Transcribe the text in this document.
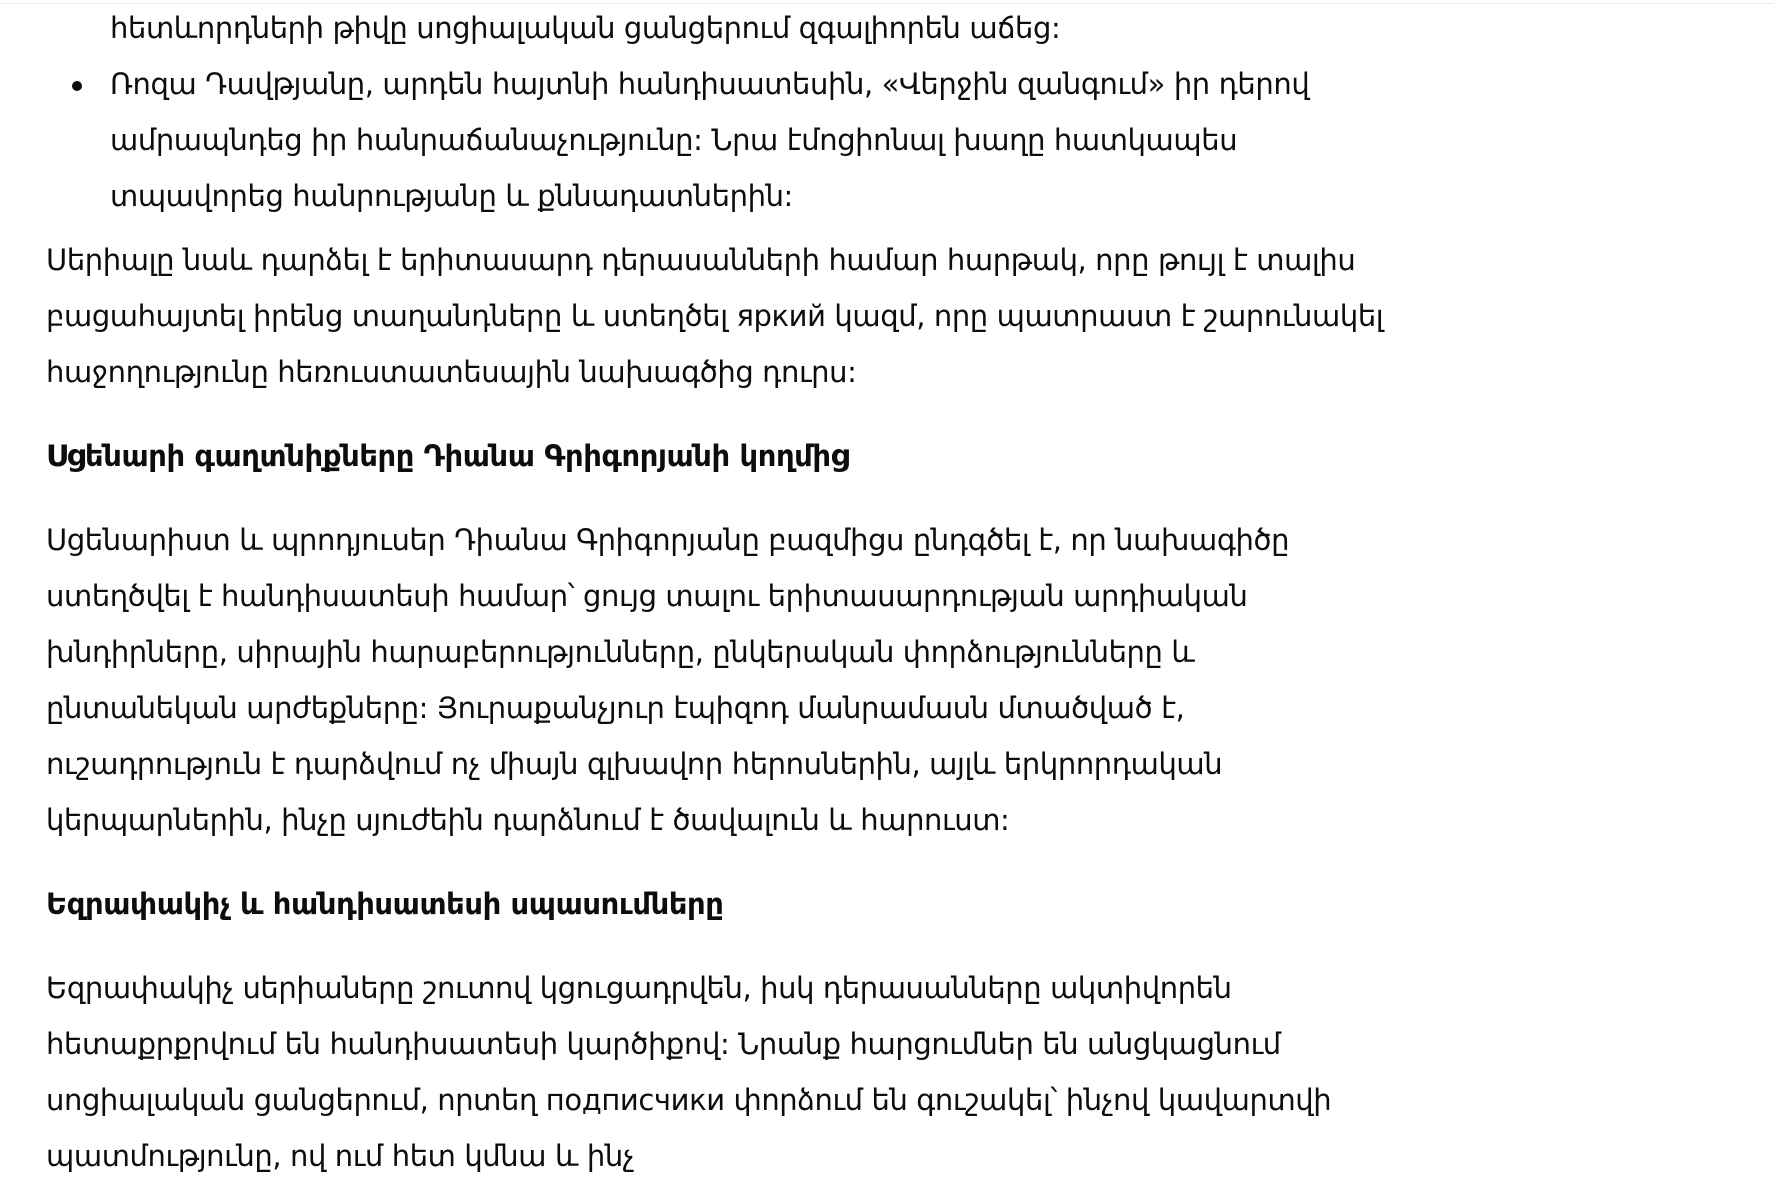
հետևորդների թիվը սոցիալական ցանցերում զգալիորեն աճեց:

Ռոզա Դավթյանը, արդեն հայտնի հանդիսատեսին, «Վերջին զանգում» իր դերով ամրապնդեց իր հանրաճանաչությունը: Նրա էմոցիոնալ խաղը հատկապես տպավորեց հանրությանը և քննադատներին:

Սերիալը նաև դարձել է երիտասարդ դերասանների համար հարթակ, որը թույլ է տալիս բացահայտել իրենց տաղանդները և ստեղծել яркий կազմ, որը պատրաստ է շարունակել հաջողությունը հեռուստատեսային նախագծից դուրս:

Սցենարի գաղտնիքները Դիանա Գրիգորյանի կողմից

Սցենարիստ և պրոդյուսեր Դիանա Գրիգորյանը բազմիցս ընդգծել է, որ նախագիծը ստեղծվել է հանդիսատեսի համար՝ ցույց տալու երիտասարդության արդիական խնդիրները, սիրային հարաբերությունները, ընկերական փորձությունները և ընտանեկան արժեքները: Յուրաքանչյուր էպիզոդ մանրամասն մտածված է, ուշադրություն է դարձվում ոչ միայն գլխավոր հերոսներին, այլև երկրորդական կերպարներին, ինչը սյուժեին դարձնում է ծավալուն և հարուստ:

Եզրափակիչ և հանդիսատեսի սպասումները

Եզրափակիչ սերիաները շուտով կցուցադրվեն, իսկ դերասանները ակտիվորեն հետաքրքրվում են հանդիսատեսի կարծիքով: Նրանք հարցումներ են անցկացնում սոցիալական ցանցերում, որտեղ подписчики փորձում են գուշակել՝ ինչով կավարտվի պատմությունը, ով ում հետ կմնա և ինչ
